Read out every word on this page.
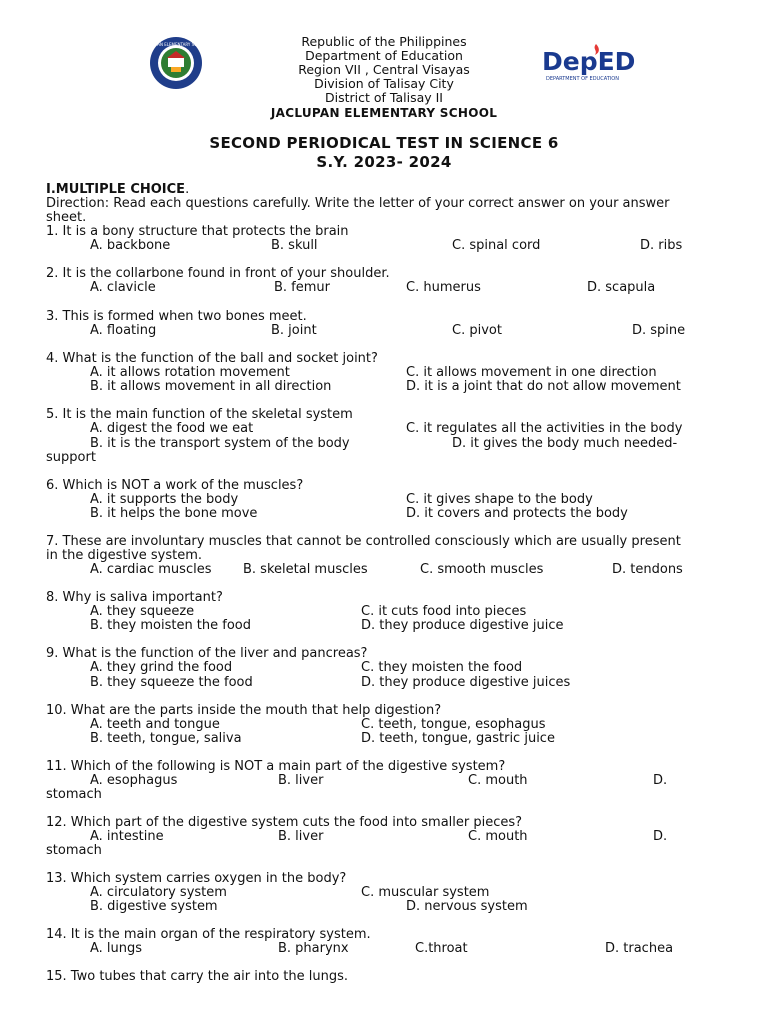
JACLUPAN ELEMENTARY SCHOOL
DepED
DEPARTMENT OF EDUCATION
Republic of the Philippines
Department of Education
Region VII , Central Visayas
Division of Talisay City
District of Talisay II
JACLUPAN ELEMENTARY SCHOOL
SECOND PERIODICAL TEST IN SCIENCE 6
S.Y. 2023- 2024
I.MULTIPLE CHOICE.
Direction: Read each questions carefully. Write the letter of your correct answer on your answer
sheet.
1. It is a bony structure that protects the brain
A. backbone	B. skull	C. spinal cord	D. ribs
2. It is the collarbone found in front of your shoulder.
A. clavicle	B. femur	C. humerus	D. scapula
3. This is formed when two bones meet.
A. floating	B. joint	C. pivot	D. spine
4. What is the function of the ball and socket joint?
A. it allows rotation movement	C. it allows movement in one direction
B. it allows movement in all direction	D. it is a joint that do not allow movement
5. It is the main function of the skeletal system
A. digest the food we eat	C. it regulates all the activities in the body
B. it is the transport system of the body	D. it gives the body much needed-
support
6. Which is NOT a work of the muscles?
A. it supports the body	C. it gives shape to the body
B. it helps the bone move	D. it covers and protects the body
7. These are involuntary muscles that cannot be controlled consciously which are usually present
in the digestive system.
A. cardiac muscles B. skeletal muscles	C. smooth muscles	D. tendons
8. Why is saliva important?
A. they squeeze	C. it cuts food into pieces
B. they moisten the food	D. they produce digestive juice
9. What is the function of the liver and pancreas?
A. they grind the food	C. they moisten the food
B. they squeeze the food	D. they produce digestive juices
10. What are the parts inside the mouth that help digestion?
A. teeth and tongue	C. teeth, tongue, esophagus
B. teeth, tongue, saliva	D. teeth, tongue, gastric juice
11. Which of the following is NOT a main part of the digestive system?
A. esophagus	B. liver	C. mouth	D.
stomach
12. Which part of the digestive system cuts the food into smaller pieces?
A. intestine	B. liver	C. mouth	D.
stomach
13. Which system carries oxygen in the body?
A. circulatory system	C. muscular system
B. digestive system	D. nervous system
14. It is the main organ of the respiratory system.
A. lungs	B. pharynx	C.throat	D. trachea
15. Two tubes that carry the air into the lungs.
